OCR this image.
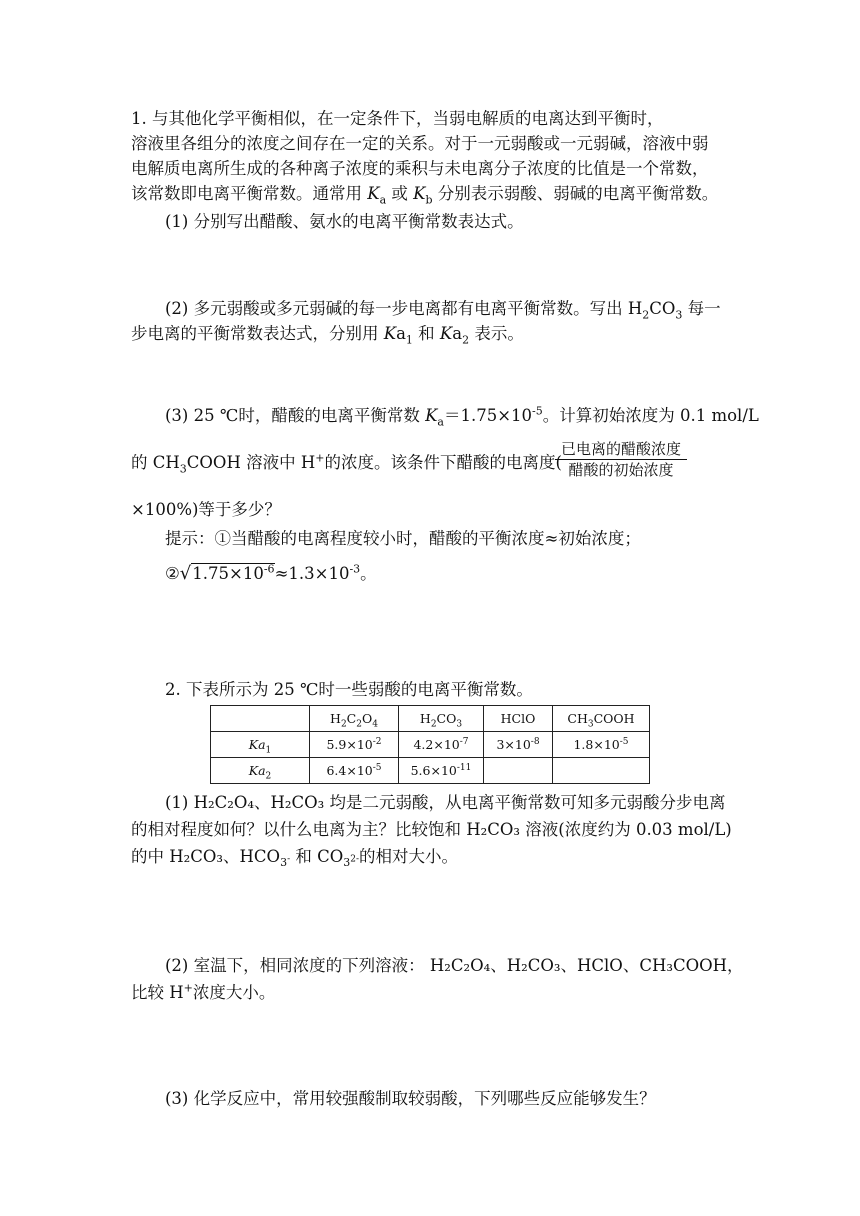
1. 与其他化学平衡相似，在一定条件下，当弱电解质的电离达到平衡时，
溶液里各组分的浓度之间存在一定的关系。对于一元弱酸或一元弱碱，溶液中弱
电解质电离所生成的各种离子浓度的乘积与未电离分子浓度的比值是一个常数，
该常数即电离平衡常数。通常用 $K_a$ 或 $K_b$ 分别表示弱酸、弱碱的电离平衡常数。
(1) 分别写出醋酸、氨水的电离平衡常数表达式。
(2) 多元弱酸或多元弱碱的每一步电离都有电离平衡常数。写出 $H_2CO_3$ 每一
步电离的平衡常数表达式，分别用 $Ka_1$ 和 $Ka_2$ 表示。
(3) 25 ℃时，醋酸的电离平衡常数 $K_a=1.75\times 10^{-5}$。计算初始浓度为 0.1 mol/L
的 $CH_3COOH$ 溶液中 H+的浓度。该条件下醋酸的电离度(
已电离的醋酸浓度
醋酸的初始浓度
×100%)等于多少？
提示：①当醋酸的电离程度较小时，醋酸的平衡浓度≈初始浓度；
$②√1.75\times 10^{-6}\approx 1.3\times 10^{-3}$。
2. 下表所示为 25 ℃时一些弱酸的电离平衡常数。
	$H_2C_2O_4$	$H_2CO_3$	HClO	$CH_3COOH$
$Ka_1$	$5.9\times 10^{-2}$	$4.2\times 10^{-7}$	$3\times 10^{-8}$	$1.8\times 10^{-5}$
$Ka_2$	$6.4\times 10^{-5}$	$5.6\times 10^{-11}$		
(1) H₂C₂O₄、H₂CO₃ 均是二元弱酸，从电离平衡常数可知多元弱酸分步电离
的相对程度如何？以什么电离为主？比较饱和 H₂CO₃ 溶液(浓度约为 0.03 mol/L)
的中 H₂CO₃、$HCO_{3^-}$ 和 $CO_{3^{2-}}$的相对大小。
(2) 室温下，相同浓度的下列溶液： H₂C₂O₄、H₂CO₃、HClO、CH₃COOH，
比较 H+浓度大小。
(3) 化学反应中，常用较强酸制取较弱酸，下列哪些反应能够发生？
